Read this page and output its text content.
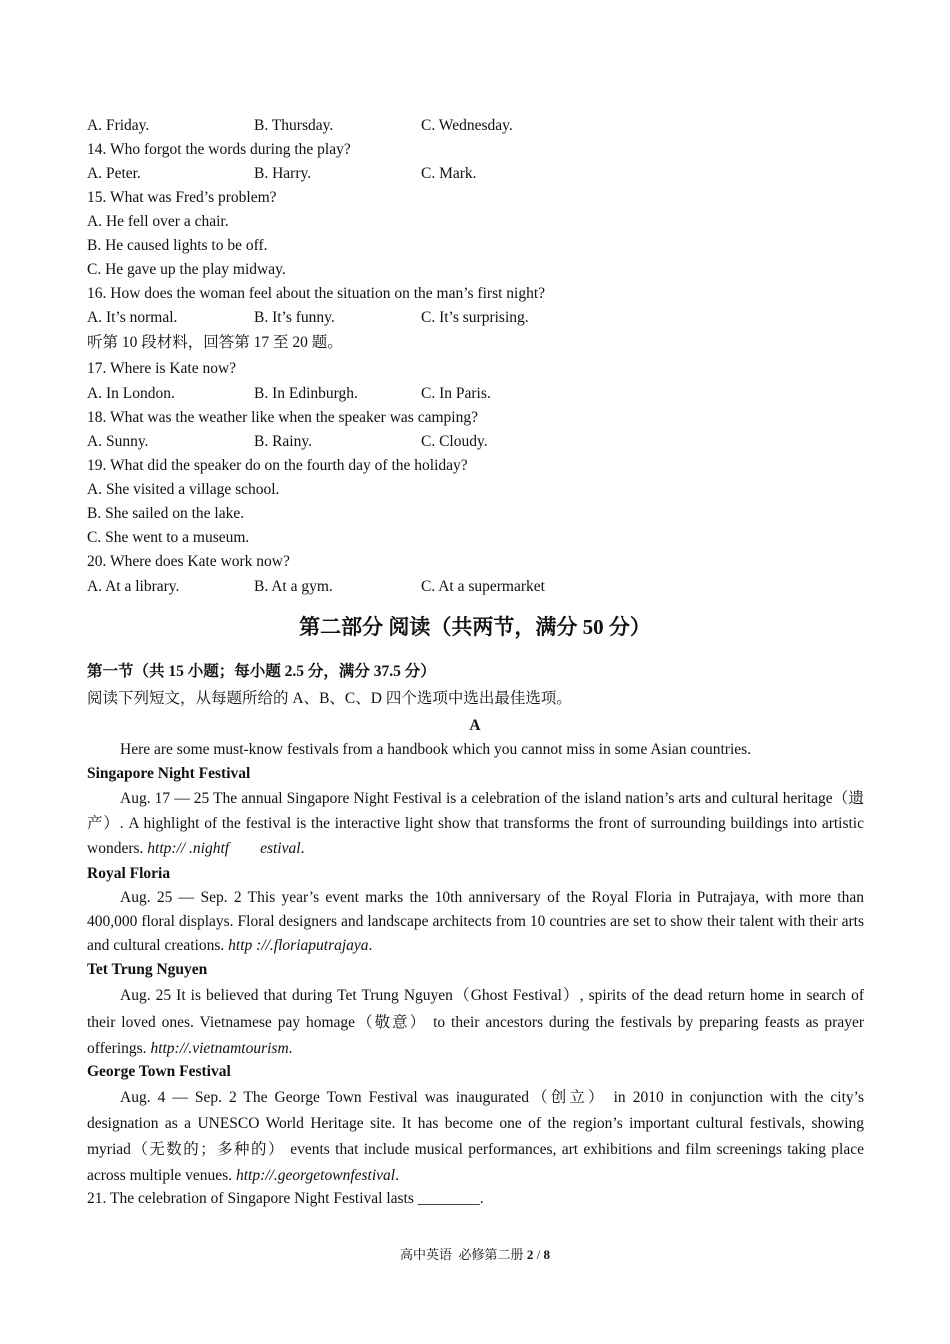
A. Friday.	B. Thursday.	C. Wednesday.
14. Who forgot the words during the play?
A. Peter.	B. Harry.	C. Mark.
15. What was Fred’s problem?
A. He fell over a chair.
B. He caused lights to be off.
C. He gave up the play midway.
16. How does the woman feel about the situation on the man’s first night?
A. It’s normal.	B. It’s funny.	C. It’s surprising.
听第 10 段材料，回答第 17 至 20 题。
17. Where is Kate now?
A. In London.	B. In Edinburgh.	C. In Paris.
18. What was the weather like when the speaker was camping?
A. Sunny.	B. Rainy.	C. Cloudy.
19. What did the speaker do on the fourth day of the holiday?
A. She visited a village school.
B. She sailed on the lake.
C. She went to a museum.
20. Where does Kate work now?
A. At a library.	B. At a gym.	C. At a supermarket
第二部分 阅读（共两节，满分 50 分）
第一节（共 15 小题；每小题 2.5 分，满分 37.5 分）
阅读下列短文，从每题所给的 A、B、C、D 四个选项中选出最佳选项。
A
Here are some must-know festivals from a handbook which you cannot miss in some Asian countries.
Singapore Night Festival
Aug. 17 — 25 The annual Singapore Night Festival is a celebration of the island nation’s arts and cultural heritage（遗产）. A highlight of the festival is the interactive light show that transforms the front of surrounding buildings into artistic wonders. http:// .nightf        estival.
Royal Floria
Aug. 25 — Sep. 2 This year’s event marks the 10th anniversary of the Royal Floria in Putrajaya, with more than 400,000 floral displays. Floral designers and landscape architects from 10 countries are set to show their talent with their arts and cultural creations. http ://.floriaputrajaya.
Tet Trung Nguyen
Aug. 25 It is believed that during Tet Trung Nguyen（Ghost Festival）, spirits of the dead return home in search of their loved ones. Vietnamese pay homage（敬意） to their ancestors during the festivals by preparing feasts as prayer offerings. http://.vietnamtourism.
George Town Festival
Aug. 4 — Sep. 2 The George Town Festival was inaugurated（创立） in 2010 in conjunction with the city’s designation as a UNESCO World Heritage site. It has become one of the region’s important cultural festivals, showing myriad（无数的；多种的） events that include musical performances, art exhibitions and film screenings taking place across multiple venues. http://.georgetownfestival.
21. The celebration of Singapore Night Festival lasts ________.
高中英语  必修第二册 2 / 8
